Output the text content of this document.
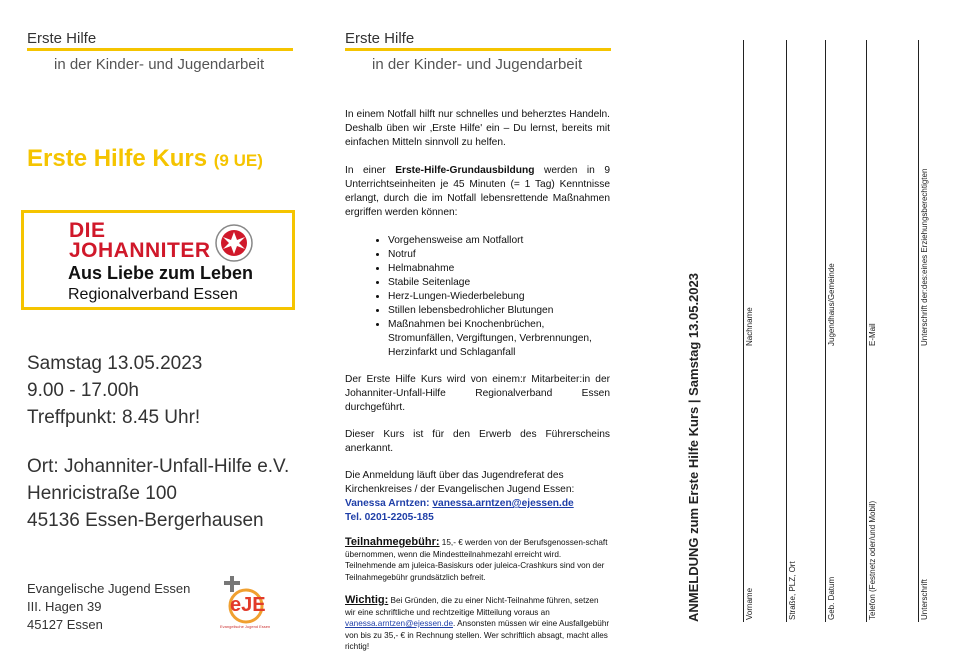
Erste Hilfe
in der Kinder- und Jugendarbeit
Erste Hilfe Kurs (9 UE)
DIE
JOHANNITER
Aus Liebe zum Leben
Regionalverband Essen
Samstag 13.05.2023
9.00 - 17.00h
Treffpunkt: 8.45 Uhr!
Ort: Johanniter-Unfall-Hilfe e.V.
Henricistraße 100
45136 Essen-Bergerhausen
Evangelische Jugend Essen
III. Hagen 39
45127 Essen
eJE
Evangelische Jugend Essen
Erste Hilfe
in der Kinder- und Jugendarbeit
In einem Notfall hilft nur schnelles und beherztes Handeln. Deshalb üben wir ‚Erste Hilfe' ein – Du lernst, bereits mit einfachen Mitteln sinnvoll zu helfen.
In einer Erste-Hilfe-Grundausbildung werden in 9 Unterrichtseinheiten je 45 Minuten (= 1 Tag) Kenntnisse erlangt, durch die im Notfall lebensrettende Maßnahmen ergriffen werden können:
• Vorgehensweise am Notfallort
• Notruf
• Helmabnahme
• Stabile Seitenlage
• Herz-Lungen-Wiederbelebung
• Stillen lebensbedrohlicher Blutungen
• Maßnahmen bei Knochenbrüchen, Stromunfällen, Vergiftungen, Verbrennungen, Herzinfarkt und Schlaganfall
Der Erste Hilfe Kurs wird von einem:r Mitarbeiter:in der Johanniter-Unfall-Hilfe Regionalverband Essen durchgeführt.
Dieser Kurs ist für den Erwerb des Führerscheins anerkannt.
Die Anmeldung läuft über das Jugendreferat des Kirchenkreises / der Evangelischen Jugend Essen:
Vanessa Arntzen: vanessa.arntzen@ejessen.de
Tel. 0201-2205-185
Teilnahmegebühr: 15,- € werden von der Berufsgenossen-schaft übernommen, wenn die Mindestteilnahmezahl erreicht wird. Teilnehmende am juleica-Basiskurs oder juleica-Crashkurs sind von der Teilnahmegebühr grundsätzlich befreit.
Wichtig: Bei Gründen, die zu einer Nicht-Teilnahme führen, setzen wir eine schriftliche und rechtzeitige Mitteilung voraus an vanessa.arntzen@ejessen.de. Ansonsten müssen wir eine Ausfallgebühr von bis zu 35,- € in Rechnung stellen. Wer schriftlich absagt, macht alles richtig!
ANMELDUNG zum Erste Hilfe Kurs | Samstag 13.05.2023	Vorname	Straße, PLZ, Ort	Geb. Datum	Telefon (Festnetz oder/und Mobil)	Unterschrift
Nachname	Jugendhaus/Gemeinde	E-Mail	Unterschrift der:des:eines Erziehungsberechtigten
